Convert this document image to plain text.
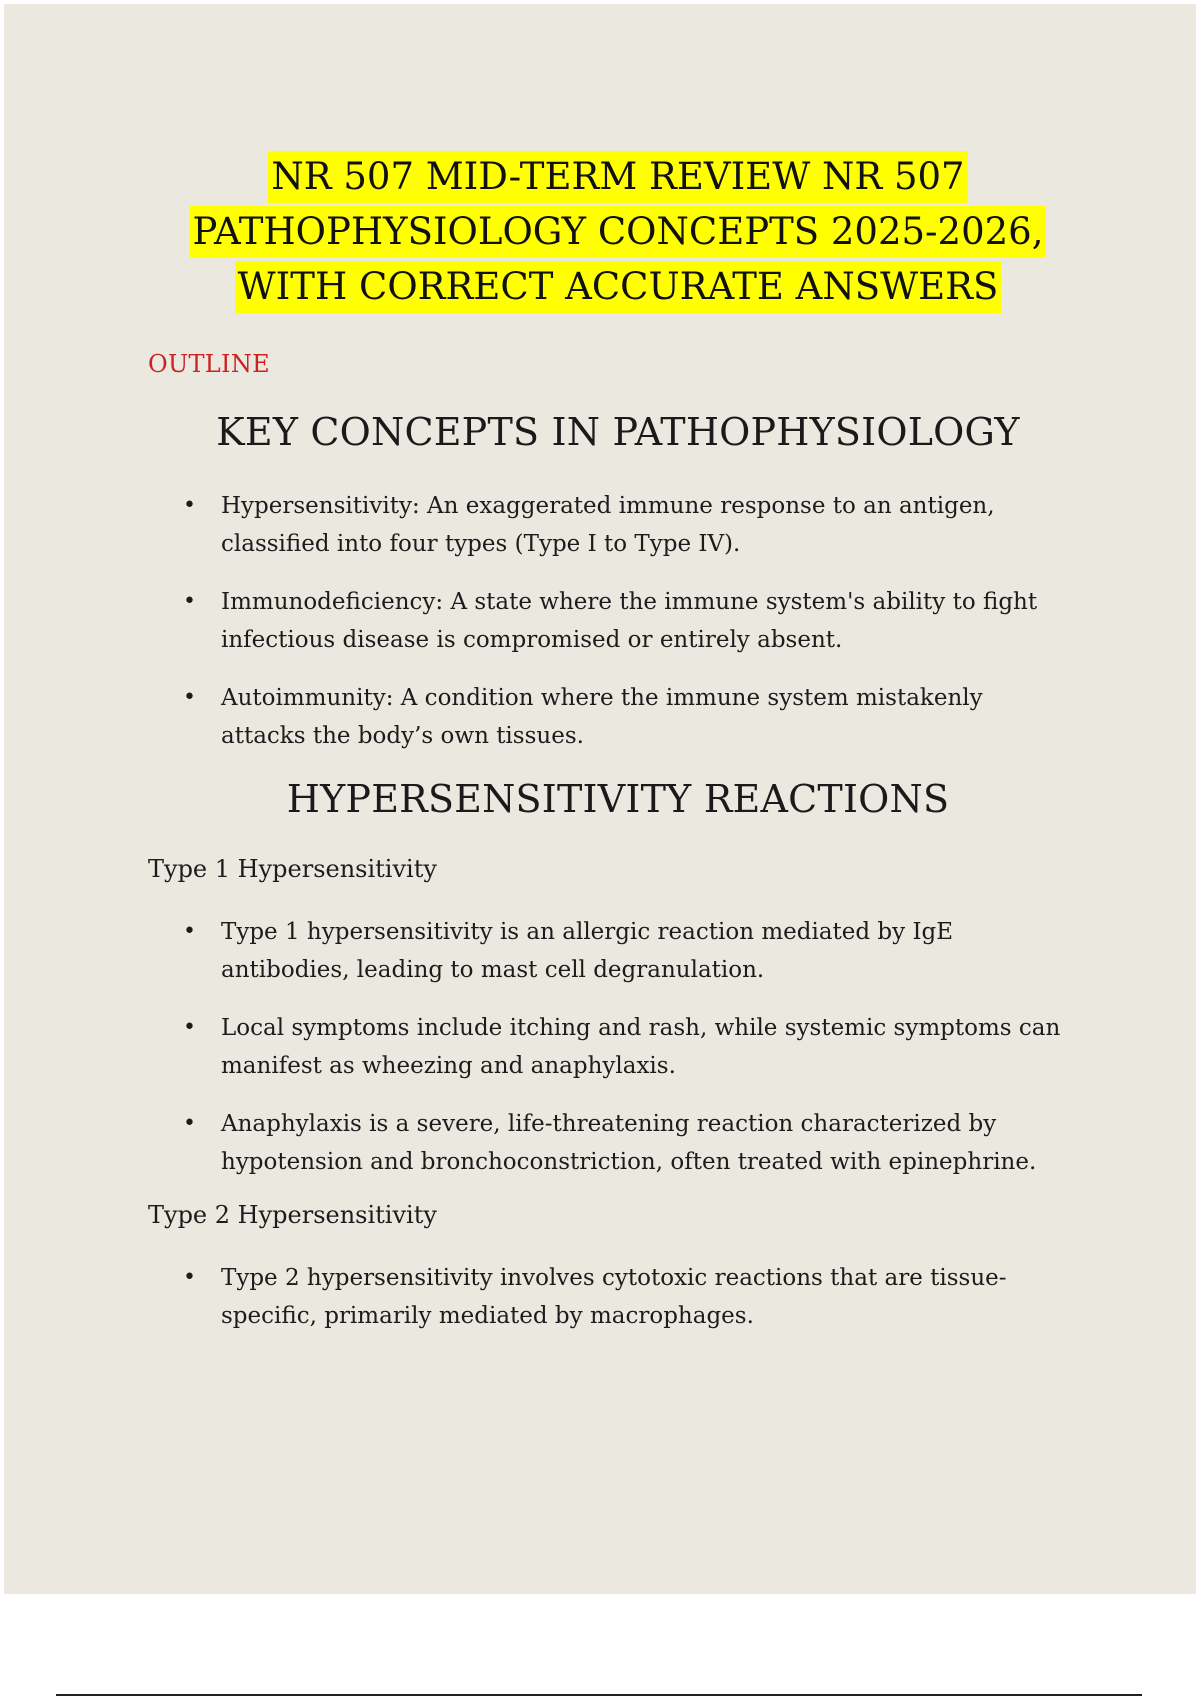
NR 507 MID-TERM REVIEW NR 507
PATHOPHYSIOLOGY CONCEPTS 2025-2026,
WITH CORRECT ACCURATE ANSWERS
OUTLINE
KEY CONCEPTS IN PATHOPHYSIOLOGY
• Hypersensitivity: An exaggerated immune response to an antigen,
classified into four types (Type I to Type IV).
• Immunodeficiency: A state where the immune system's ability to fight
infectious disease is compromised or entirely absent.
• Autoimmunity: A condition where the immune system mistakenly
attacks the body’s own tissues.
HYPERSENSITIVITY REACTIONS
Type 1 Hypersensitivity
• Type 1 hypersensitivity is an allergic reaction mediated by IgE
antibodies, leading to mast cell degranulation.
• Local symptoms include itching and rash, while systemic symptoms can
manifest as wheezing and anaphylaxis.
• Anaphylaxis is a severe, life-threatening reaction characterized by
hypotension and bronchoconstriction, often treated with epinephrine.
Type 2 Hypersensitivity
• Type 2 hypersensitivity involves cytotoxic reactions that are tissue-
specific, primarily mediated by macrophages.
